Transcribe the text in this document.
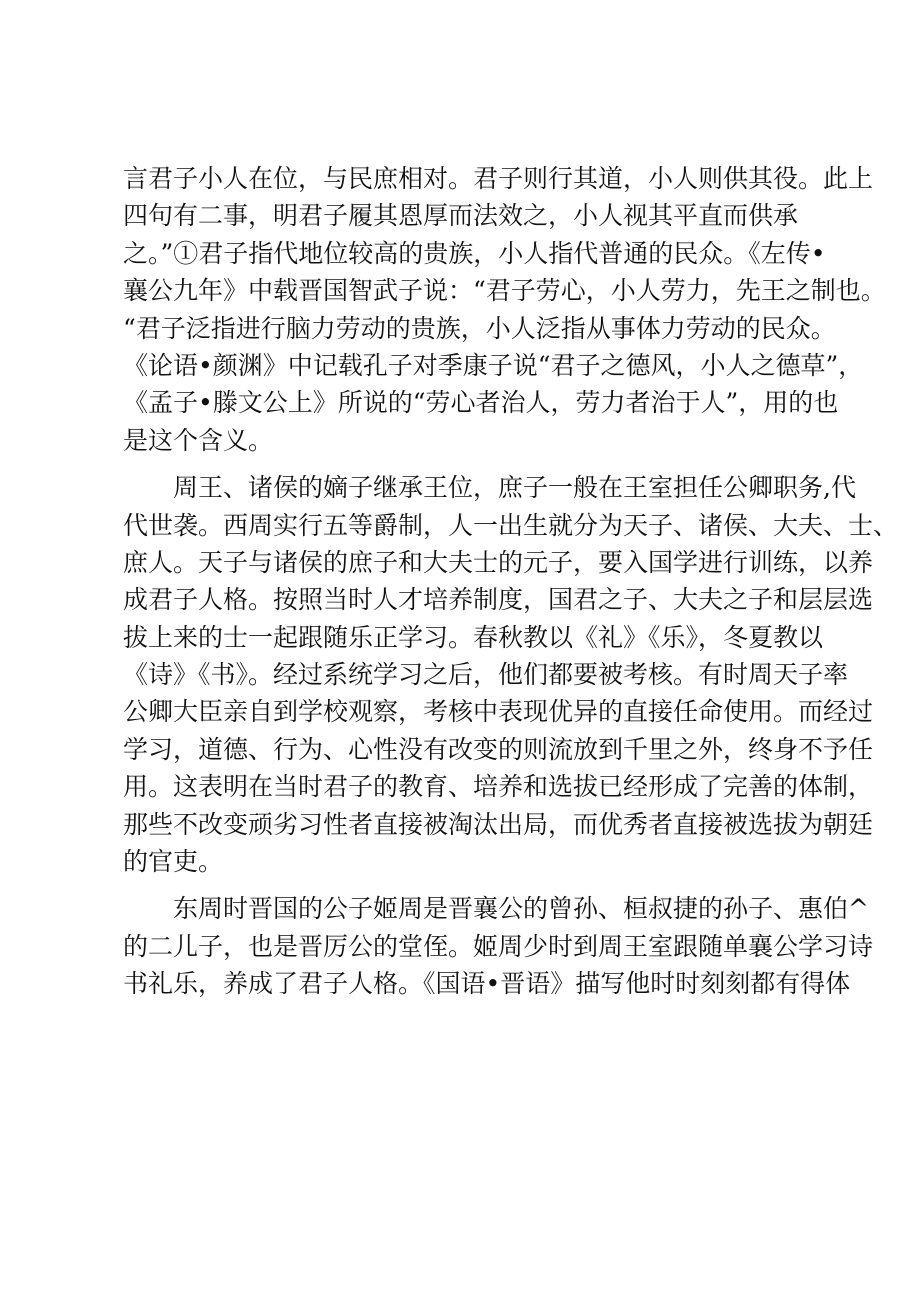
言君子小人在位，与民庶相对。君子则行其道，小人则供其役。此上
四句有二事，明君子履其恩厚而法效之，小人视其平直而供承
之。”①君子指代地位较高的贵族，小人指代普通的民众。《左传•
襄公九年》中载晋国智武子说：“君子劳心，小人劳力，先王之制也。
“君子泛指进行脑力劳动的贵族，小人泛指从事体力劳动的民众。
《论语•颜渊》中记载孔子对季康子说“君子之德风，小人之德草”，
《孟子•滕文公上》所说的“劳心者治人，劳力者治于人”，用的也
是这个含义。
周王、诸侯的嫡子继承王位，庶子一般在王室担任公卿职务,代
代世袭。西周实行五等爵制，人一出生就分为天子、诸侯、大夫、士、
庶人。天子与诸侯的庶子和大夫士的元子，要入国学进行训练，以养
成君子人格。按照当时人才培养制度，国君之子、大夫之子和层层选
拔上来的士一起跟随乐正学习。春秋教以《礼》《乐》，冬夏教以
《诗》《书》。经过系统学习之后，他们都要被考核。有时周天子率
公卿大臣亲自到学校观察，考核中表现优异的直接任命使用。而经过
学习，道德、行为、心性没有改变的则流放到千里之外，终身不予任
用。这表明在当时君子的教育、培养和选拔已经形成了完善的体制，
那些不改变顽劣习性者直接被淘汰出局，而优秀者直接被选拔为朝廷
的官吏。
东周时晋国的公子姬周是晋襄公的曾孙、桓叔捷的孙子、惠伯^
的二儿子，也是晋厉公的堂侄。姬周少时到周王室跟随单襄公学习诗
书礼乐，养成了君子人格。《国语•晋语》描写他时时刻刻都有得体
